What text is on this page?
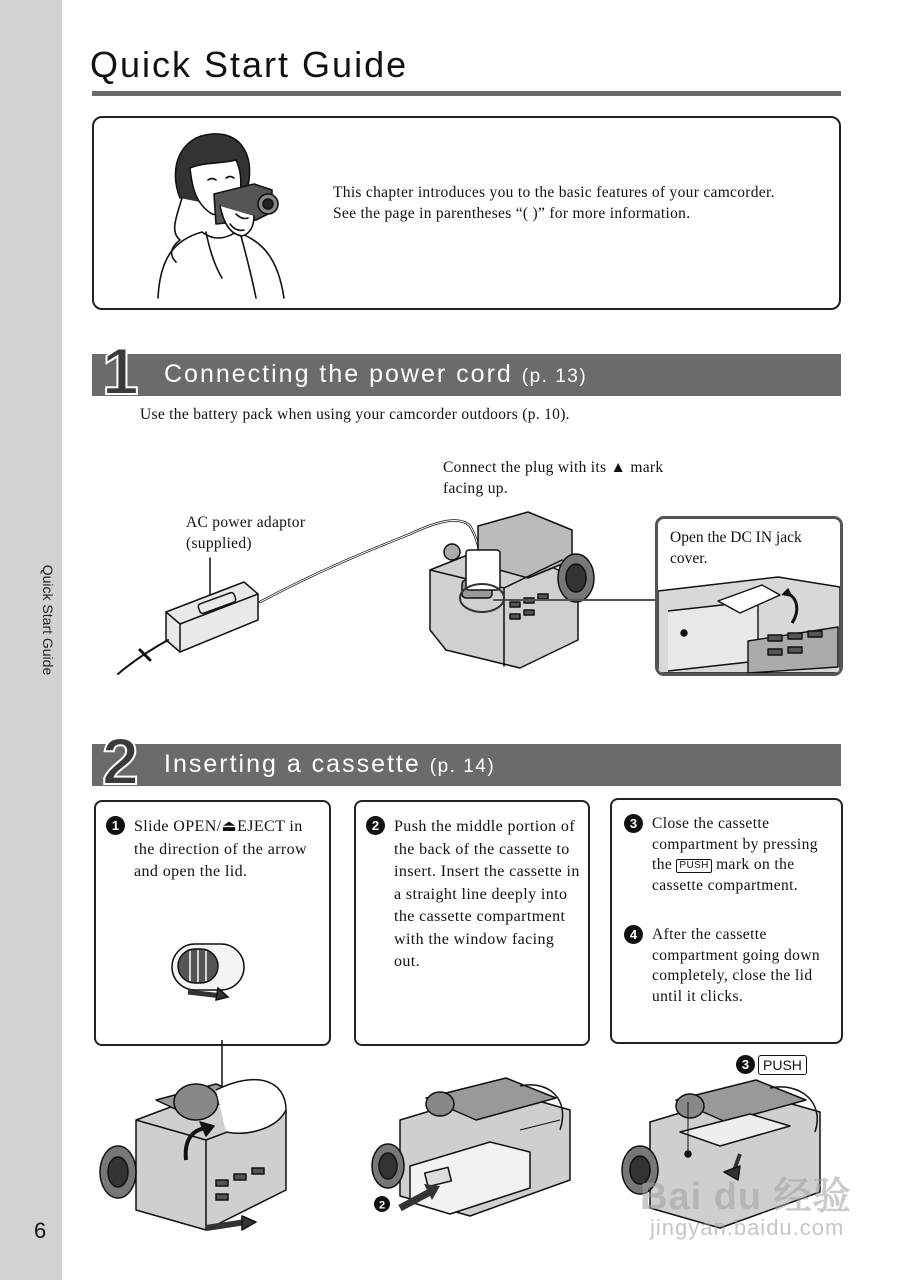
Quick Start Guide
6
Quick Start Guide
This chapter introduces you to the basic features of your camcorder. See the page in parentheses “( )” for more information.
1 Connecting the power cord (p. 13)
Use the battery pack when using your camcorder outdoors (p. 10).
Connect the plug with its ▲ mark facing up.
AC power adaptor (supplied)	Open the DC IN jack cover.
2 Inserting a cassette (p. 14)
1 Slide OPEN/⏏EJECT in the direction of the arrow and open the lid.
2 Push the middle portion of the back of the cassette to insert. Insert the cassette in a straight line deeply into the cassette compartment with the window facing out.
3 Close the cassette compartment by pressing the PUSH mark on the cassette compartment.
4 After the cassette compartment going down completely, close the lid until it clicks.
2
3 PUSH
Bai du 经验
jingyan.baidu.com
